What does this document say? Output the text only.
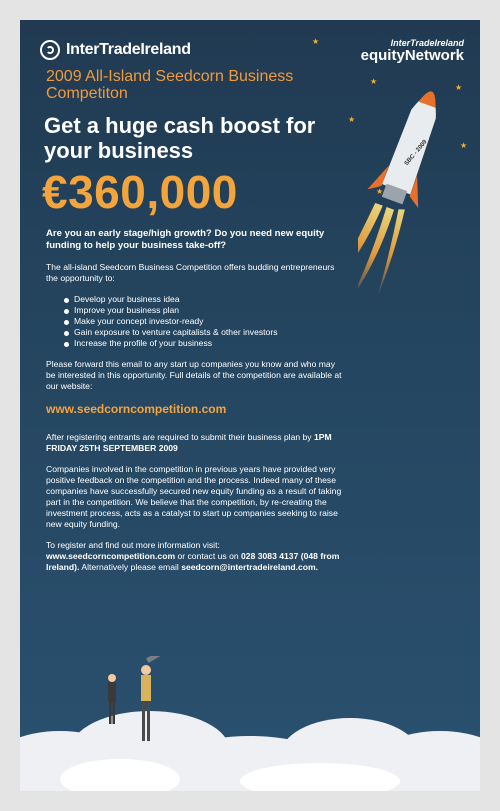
InterTradeIreland	InterTradeIreland
equityNetwork
★
★
★
★
★
★
2009 All-Island Seedcorn Business Competiton
Get a huge cash boost for your business
€360,000
SBC - 2009

Are you an early stage/high growth? Do you need new equity funding to help your business take-off?

The all-island Seedcorn Business Competition offers budding entrepreneurs the opportunity to:

Develop your business idea
Improve your business plan
Make your concept investor-ready
Gain exposure to venture capitalists & other investors
Increase the profile of your business

Please forward this email to any start up companies you know and who may be interested in this opportunity. Full details of the competition are available at our website:

www.seedcorncompetition.com

After registering entrants are required to submit their business plan by 1PM FRIDAY 25TH SEPTEMBER 2009

Companies involved in the competition in previous years have provided very positive feedback on the competition and the process. Indeed many of these companies have successfully secured new equity funding as a result of taking part in the competition. We believe that the competition, by re-creating the investment process, acts as a catalyst to start up companies seeking to raise new equity funding.

To register and find out more information visit:
www.seedcorncompetition.com or contact us on 028 3083 4137 (048 from Ireland). Alternatively please email seedcorn@intertradeireland.com.
